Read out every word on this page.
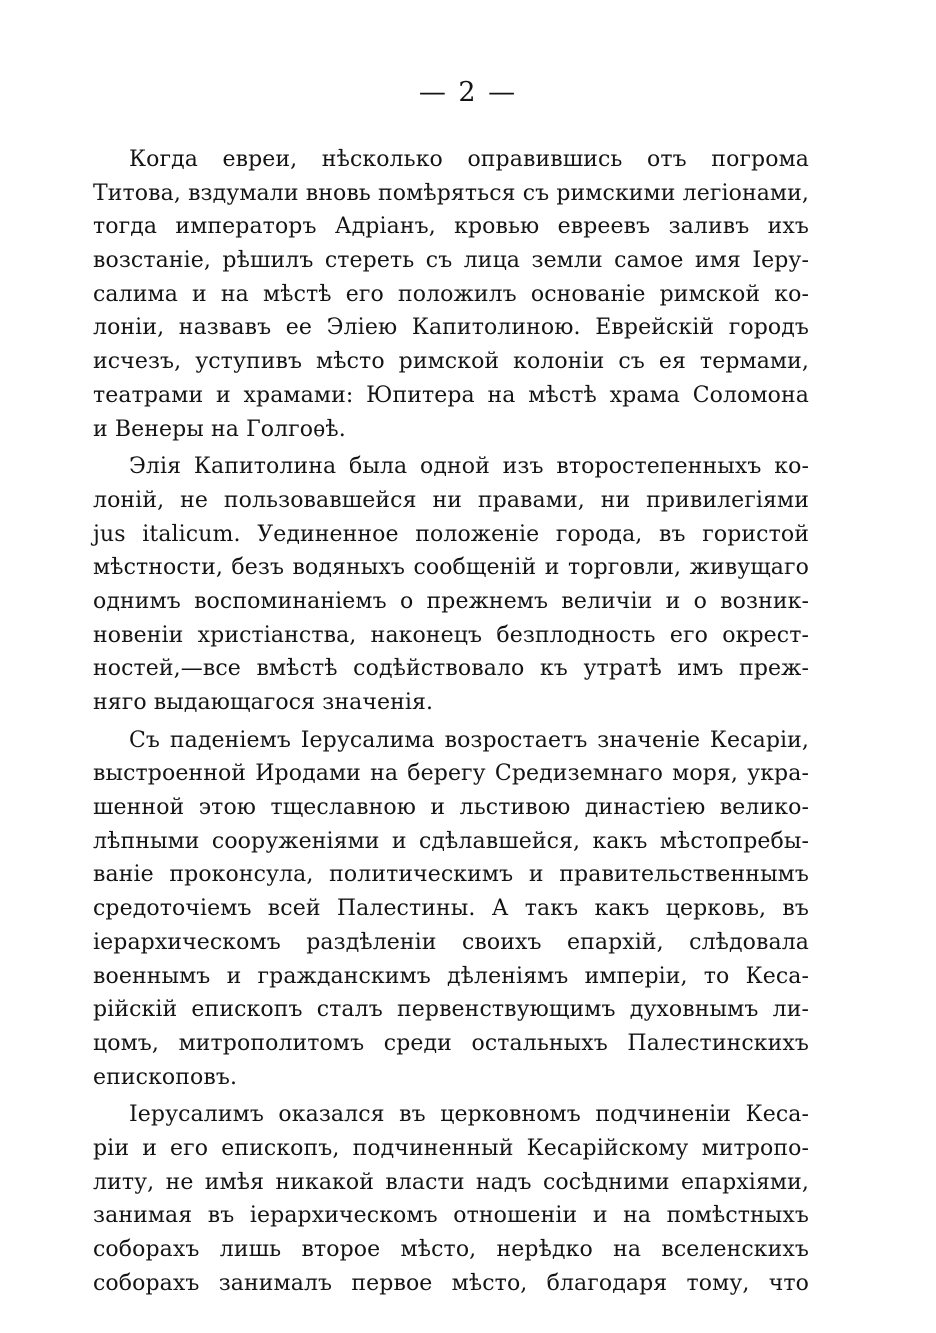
— 2 —
Когда евреи, нѣсколько оправившись отъ погрома
Титова, вздумали вновь помѣряться съ римскими легіонами,
тогда императоръ Адріанъ, кровью евреевъ заливъ ихъ
возстаніе, рѣшилъ стереть съ лица земли самое имя Іеру-
салима и на мѣстѣ его положилъ основаніе римской ко-
лоніи, назвавъ ее Эліею Капитолиною. Еврейскій городъ
исчезъ, уступивъ мѣсто римской колоніи съ ея термами,
театрами и храмами: Юпитера на мѣстѣ храма Соломона
и Венеры на Голгоѳѣ.
Элія Капитолина была одной изъ второстепенныхъ ко-
лоній, не пользовавшейся ни правами, ни привилегіями
jus italicum. Уединенное положеніе города, въ гористой
мѣстности, безъ водяныхъ сообщеній и торговли, живущаго
однимъ воспоминаніемъ о прежнемъ величіи и о возник-
новеніи христіанства, наконецъ безплодность его окрест-
ностей,—все вмѣстѣ содѣйствовало къ утратѣ имъ преж-
няго выдающагося значенія.
Съ паденіемъ Іерусалима возростаетъ значеніе Кесаріи,
выстроенной Иродами на берегу Средиземнаго моря, укра-
шенной этою тщеславною и льстивою династіею велико-
лѣпными сооруженіями и сдѣлавшейся, какъ мѣстопребы-
ваніе проконсула, политическимъ и правительственнымъ
средоточіемъ всей Палестины. А такъ какъ церковь, въ
іерархическомъ раздѣленіи своихъ епархій, слѣдовала
военнымъ и гражданскимъ дѣленіямъ имперіи, то Кеса-
рійскій епископъ сталъ первенствующимъ духовнымъ ли-
цомъ, митрополитомъ среди остальныхъ Палестинскихъ
епископовъ.
Іерусалимъ оказался въ церковномъ подчиненіи Кеса-
ріи и его епископъ, подчиненный Кесарійскому митропо-
литу, не имѣя никакой власти надъ сосѣдними епархіями,
занимая въ іерархическомъ отношеніи и на помѣстныхъ
соборахъ лишь второе мѣсто, нерѣдко на вселенскихъ
соборахъ занималъ первое мѣсто, благодаря тому, что
